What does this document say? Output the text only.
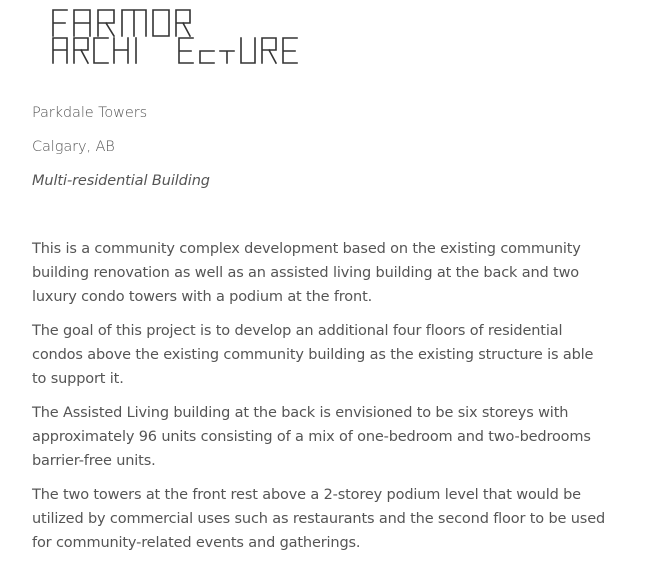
Parkdale Towers

Calgary, AB

Multi-residential Building

This is a community complex development based on the existing community building renovation as well as an assisted living building at the back and two luxury condo towers with a podium at the front.

The goal of this project is to develop an additional four floors of residential condos above the existing community building as the existing structure is able to support it.

The Assisted Living building at the back is envisioned to be six storeys with approximately 96 units consisting of a mix of one-bedroom and two-bedrooms barrier-free units.

The two towers at the front rest above a 2-storey podium level that would be utilized by commercial uses such as restaurants and the second floor to be used for community-related events and gatherings.
